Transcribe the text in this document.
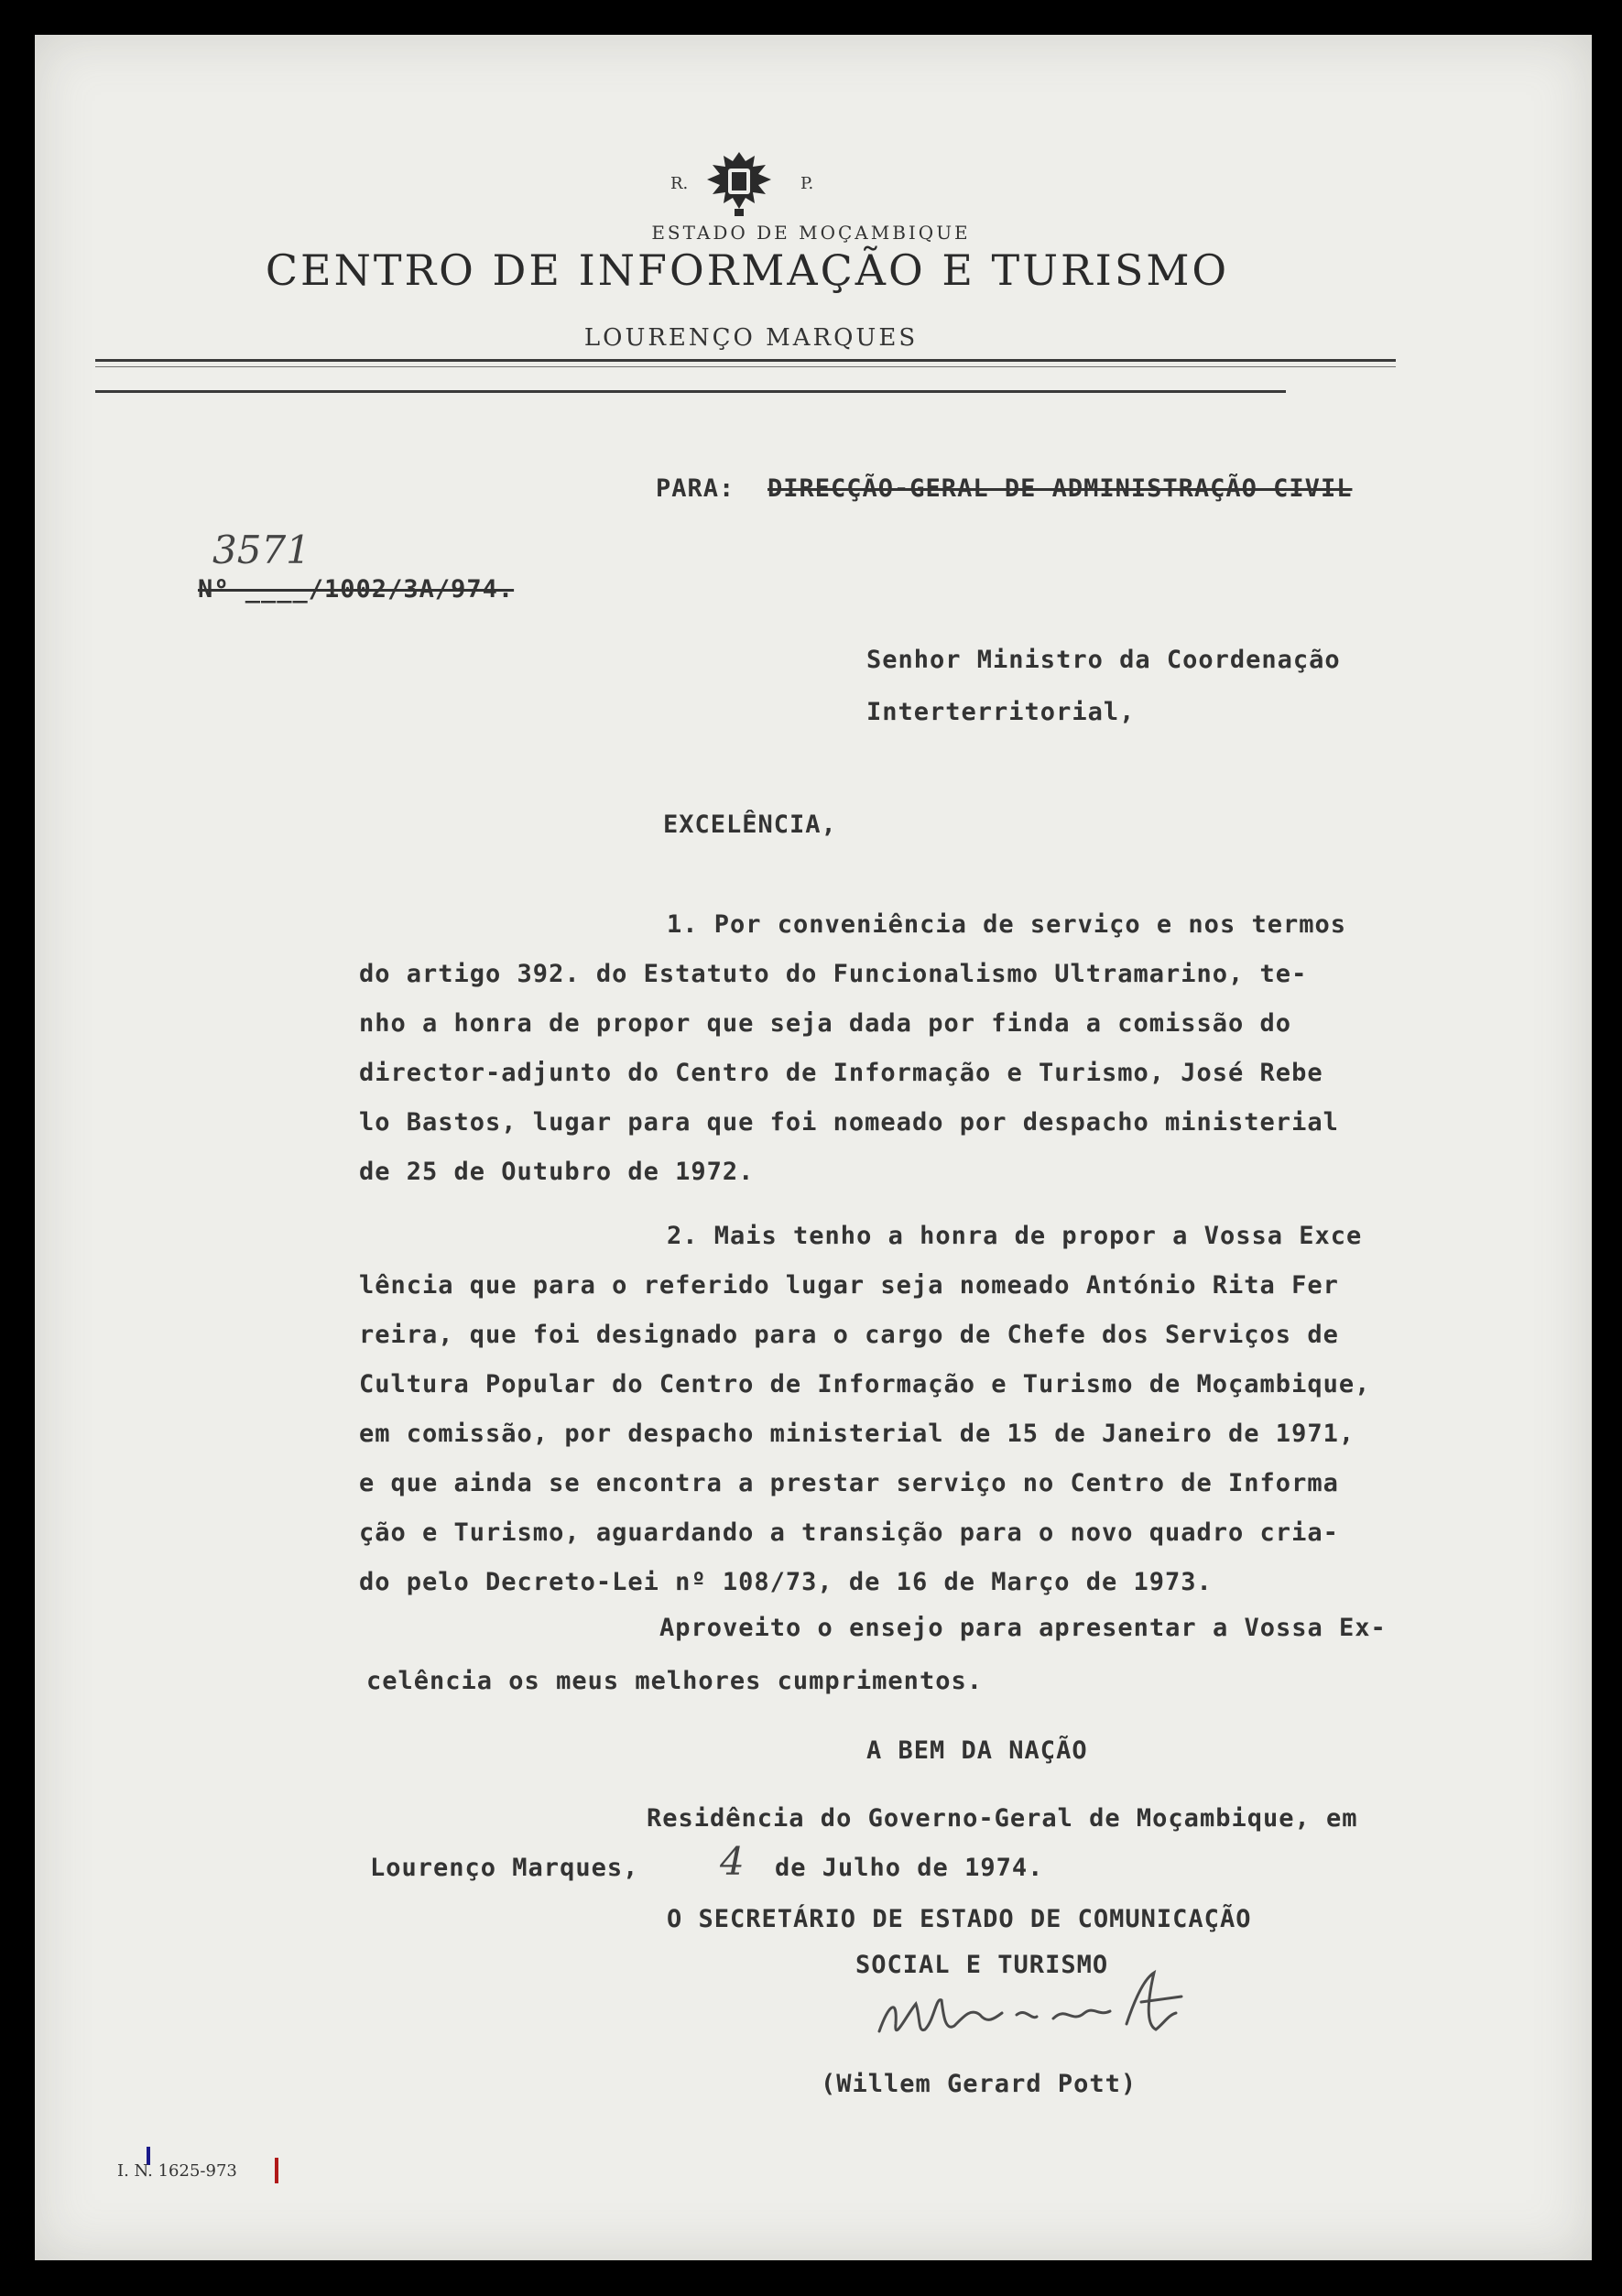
R.	P.
ESTADO DE MOÇAMBIQUE
CENTRO DE INFORMAÇÃO E TURISMO
LOURENÇO MARQUES
PARA: DIRECÇÃO-GERAL DE ADMINISTRAÇÃO CIVIL
3571
Nº ____/1002/3A/974.
Senhor Ministro da Coordenação
Interterritorial,
EXCELÊNCIA,
1. Por conveniência de serviço e nos termos
do artigo 392. do Estatuto do Funcionalismo Ultramarino, te-
nho a honra de propor que seja dada por finda a comissão do
director-adjunto do Centro de Informação e Turismo, José Rebe
lo Bastos, lugar para que foi nomeado por despacho ministerial
de 25 de Outubro de 1972.
2. Mais tenho a honra de propor a Vossa Exce
lência que para o referido lugar seja nomeado António Rita Fer
reira, que foi designado para o cargo de Chefe dos Serviços de
Cultura Popular do Centro de Informação e Turismo de Moçambique,
em comissão, por despacho ministerial de 15 de Janeiro de 1971,
e que ainda se encontra a prestar serviço no Centro de Informa
ção e Turismo, aguardando a transição para o novo quadro cria-
do pelo Decreto-Lei nº 108/73, de 16 de Março de 1973.
Aproveito o ensejo para apresentar a Vossa Ex-
celência os meus melhores cumprimentos.
A BEM DA NAÇÃO
Residência do Governo-Geral de Moçambique, em
Lourenço Marques, 4 de Julho de 1974.
O SECRETÁRIO DE ESTADO DE COMUNICAÇÃO
SOCIAL E TURISMO
(Willem Gerard Pott)
I. N. 1625-973
